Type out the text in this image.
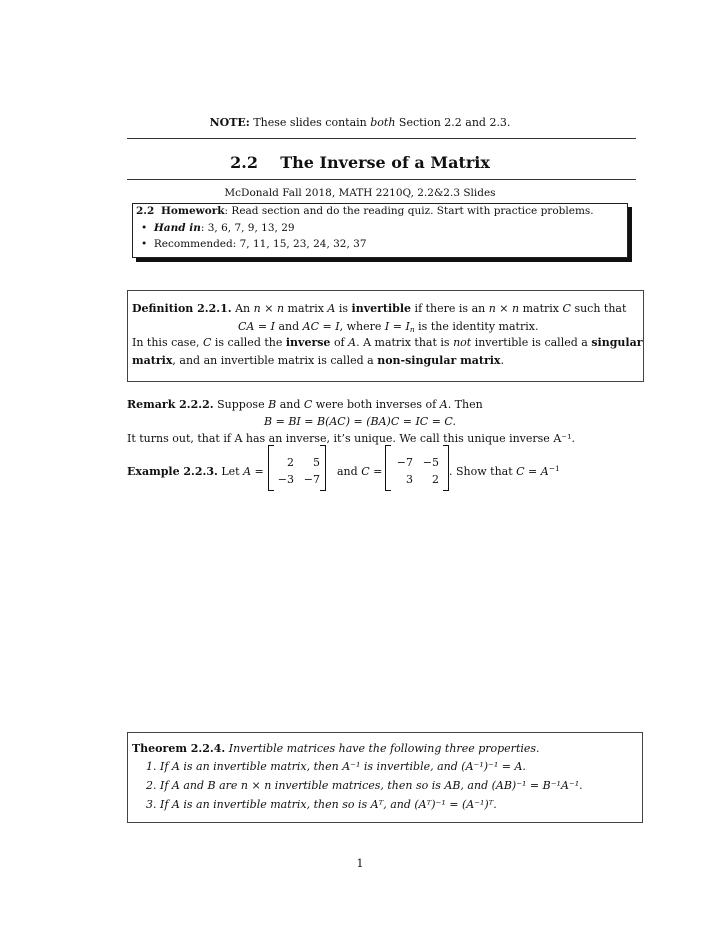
NOTE: These slides contain both Section 2.2 and 2.3.
2.2 The Inverse of a Matrix
McDonald Fall 2018, MATH 2210Q, 2.2&2.3 Slides
2.2 Homework: Read section and do the reading quiz. Start with practice problems.
•  Hand in: 3, 6, 7, 9, 13, 29
•  Recommended: 7, 11, 15, 23, 24, 32, 37
Definition 2.2.1. An n × n matrix A is invertible if there is an n × n matrix C such that
CA = I and AC = I, where $I = I_n$ is the identity matrix.
In this case, C is called the inverse of A. A matrix that is not invertible is called a singular
matrix, and an invertible matrix is called a non-singular matrix.
Remark 2.2.2. Suppose B and C were both inverses of A. Then
B = BI = B(AC) = (BA)C = IC = C.
It turns out, that if A has an inverse, it’s unique. We call this unique inverse A⁻¹.
Example 2.2.3. Let A =
2	5
−3 −7
and C =
−7 −5
3	2
. Show that $C = A^{-1}$
Theorem 2.2.4. Invertible matrices have the following three properties.
1. If A is an invertible matrix, then A⁻¹ is invertible, and (A⁻¹)⁻¹ = A.
2. If A and B are n × n invertible matrices, then so is AB, and (AB)⁻¹ = B⁻¹A⁻¹.
3. If A is an invertible matrix, then so is Aᵀ, and (Aᵀ)⁻¹ = (A⁻¹)ᵀ.
1
